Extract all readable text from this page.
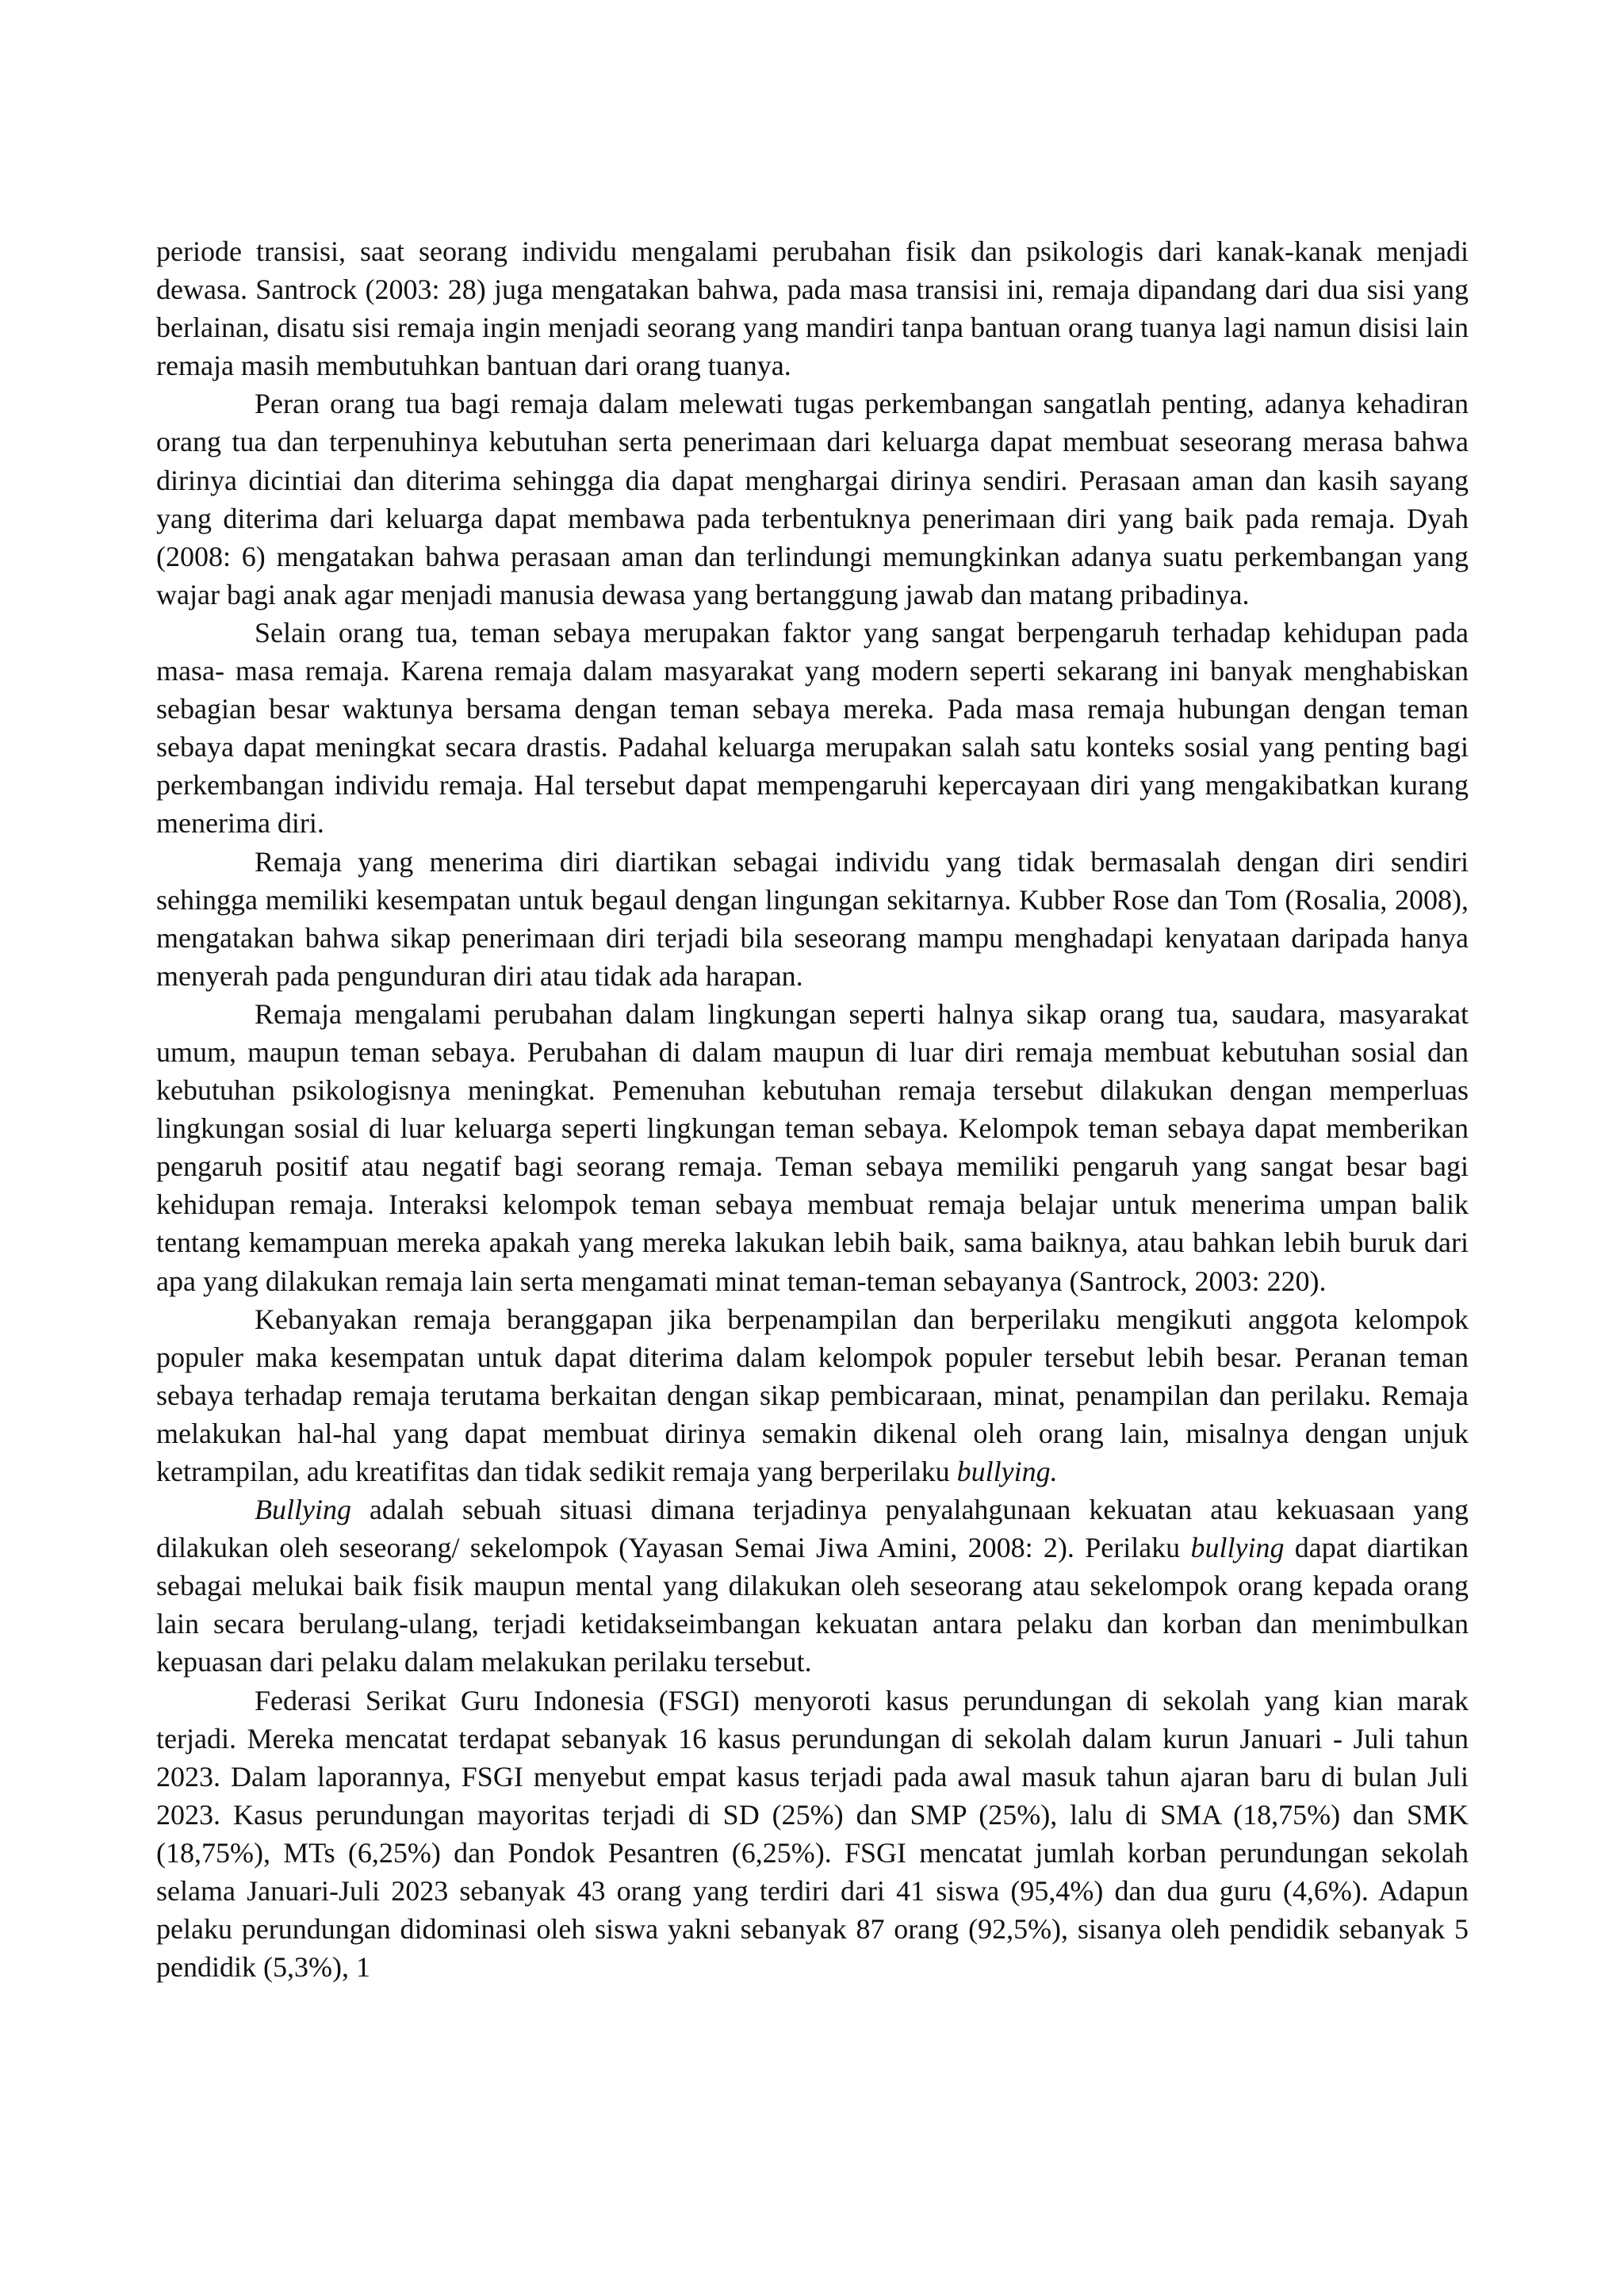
periode transisi, saat seorang individu mengalami perubahan fisik dan psikologis dari kanak-kanak menjadi dewasa. Santrock (2003: 28) juga mengatakan bahwa, pada masa transisi ini, remaja dipandang dari dua sisi yang berlainan, disatu sisi remaja ingin menjadi seorang yang mandiri tanpa bantuan orang tuanya lagi namun disisi lain remaja masih membutuhkan bantuan dari orang tuanya.

Peran orang tua bagi remaja dalam melewati tugas perkembangan sangatlah penting, adanya kehadiran orang tua dan terpenuhinya kebutuhan serta penerimaan dari keluarga dapat membuat seseorang merasa bahwa dirinya dicintiai dan diterima sehingga dia dapat menghargai dirinya sendiri. Perasaan aman dan kasih sayang yang diterima dari keluarga dapat membawa pada terbentuknya penerimaan diri yang baik pada remaja. Dyah (2008: 6) mengatakan bahwa perasaan aman dan terlindungi memungkinkan adanya suatu perkembangan yang wajar bagi anak agar menjadi manusia dewasa yang bertanggung jawab dan matang pribadinya.

Selain orang tua, teman sebaya merupakan faktor yang sangat berpengaruh terhadap kehidupan pada masa- masa remaja. Karena remaja dalam masyarakat yang modern seperti sekarang ini banyak menghabiskan sebagian besar waktunya bersama dengan teman sebaya mereka. Pada masa remaja hubungan dengan teman sebaya dapat meningkat secara drastis. Padahal keluarga merupakan salah satu konteks sosial yang penting bagi perkembangan individu remaja. Hal tersebut dapat mempengaruhi kepercayaan diri yang mengakibatkan kurang menerima diri.

Remaja yang menerima diri diartikan sebagai individu yang tidak bermasalah dengan diri sendiri sehingga memiliki kesempatan untuk begaul dengan lingungan sekitarnya. Kubber Rose dan Tom (Rosalia, 2008), mengatakan bahwa sikap penerimaan diri terjadi bila seseorang mampu menghadapi kenyataan daripada hanya menyerah pada pengunduran diri atau tidak ada harapan.

Remaja mengalami perubahan dalam lingkungan seperti halnya sikap orang tua, saudara, masyarakat umum, maupun teman sebaya. Perubahan di dalam maupun di luar diri remaja membuat kebutuhan sosial dan kebutuhan psikologisnya meningkat. Pemenuhan kebutuhan remaja tersebut dilakukan dengan memperluas lingkungan sosial di luar keluarga seperti lingkungan teman sebaya. Kelompok teman sebaya dapat memberikan pengaruh positif atau negatif bagi seorang remaja. Teman sebaya memiliki pengaruh yang sangat besar bagi kehidupan remaja. Interaksi kelompok teman sebaya membuat remaja belajar untuk menerima umpan balik tentang kemampuan mereka apakah yang mereka lakukan lebih baik, sama baiknya, atau bahkan lebih buruk dari apa yang dilakukan remaja lain serta mengamati minat teman-teman sebayanya (Santrock, 2003: 220).

Kebanyakan remaja beranggapan jika berpenampilan dan berperilaku mengikuti anggota kelompok populer maka kesempatan untuk dapat diterima dalam kelompok populer tersebut lebih besar. Peranan teman sebaya terhadap remaja terutama berkaitan dengan sikap pembicaraan, minat, penampilan dan perilaku. Remaja melakukan hal-hal yang dapat membuat dirinya semakin dikenal oleh orang lain, misalnya dengan unjuk ketrampilan, adu kreatifitas dan tidak sedikit remaja yang berperilaku bullying.

Bullying adalah sebuah situasi dimana terjadinya penyalahgunaan kekuatan atau kekuasaan yang dilakukan oleh seseorang/ sekelompok (Yayasan Semai Jiwa Amini, 2008: 2). Perilaku bullying dapat diartikan sebagai melukai baik fisik maupun mental yang dilakukan oleh seseorang atau sekelompok orang kepada orang lain secara berulang-ulang, terjadi ketidakseimbangan kekuatan antara pelaku dan korban dan menimbulkan kepuasan dari pelaku dalam melakukan perilaku tersebut.

Federasi Serikat Guru Indonesia (FSGI) menyoroti kasus perundungan di sekolah yang kian marak terjadi. Mereka mencatat terdapat sebanyak 16 kasus perundungan di sekolah dalam kurun Januari - Juli tahun 2023. Dalam laporannya, FSGI menyebut empat kasus terjadi pada awal masuk tahun ajaran baru di bulan Juli 2023. Kasus perundungan mayoritas terjadi di SD (25%) dan SMP (25%), lalu di SMA (18,75%) dan SMK (18,75%), MTs (6,25%) dan Pondok Pesantren (6,25%). FSGI mencatat jumlah korban perundungan sekolah selama Januari-Juli 2023 sebanyak 43 orang yang terdiri dari 41 siswa (95,4%) dan dua guru (4,6%). Adapun pelaku perundungan didominasi oleh siswa yakni sebanyak 87 orang (92,5%), sisanya oleh pendidik sebanyak 5 pendidik (5,3%), 1
